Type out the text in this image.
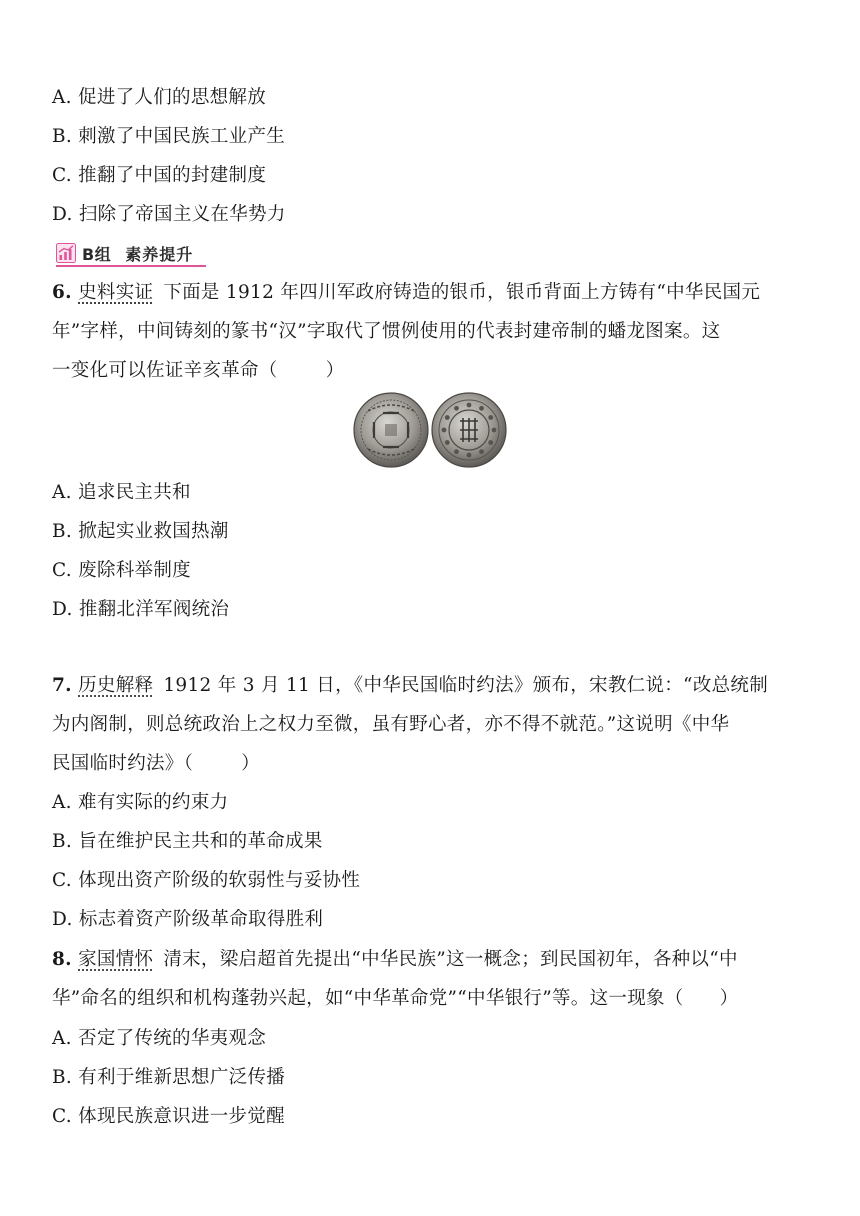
A. 促进了人们的思想解放
B. 刺激了中国民族工业产生
C. 推翻了中国的封建制度
D. 扫除了帝国主义在华势力
B组 素养提升
6. 史料实证 下面是 1912 年四川军政府铸造的银币，银币背面上方铸有“中华民国元
年”字样，中间铸刻的篆书“汉”字取代了惯例使用的代表封建帝制的蟠龙图案。这
一变化可以佐证辛亥革命（	）
A. 追求民主共和
B. 掀起实业救国热潮
C. 废除科举制度
D. 推翻北洋军阀统治
7. 历史解释 1912 年 3 月 11 日，《中华民国临时约法》颁布，宋教仁说：“改总统制
为内阁制，则总统政治上之权力至微，虽有野心者，亦不得不就范。”这说明《中华
民国临时约法》（	）
A. 难有实际的约束力
B. 旨在维护民主共和的革命成果
C. 体现出资产阶级的软弱性与妥协性
D. 标志着资产阶级革命取得胜利
8. 家国情怀 清末，梁启超首先提出“中华民族”这一概念；到民国初年，各种以“中
华”命名的组织和机构蓬勃兴起，如“中华革命党”“中华银行”等。这一现象（ ）
A. 否定了传统的华夷观念
B. 有利于维新思想广泛传播
C. 体现民族意识进一步觉醒
